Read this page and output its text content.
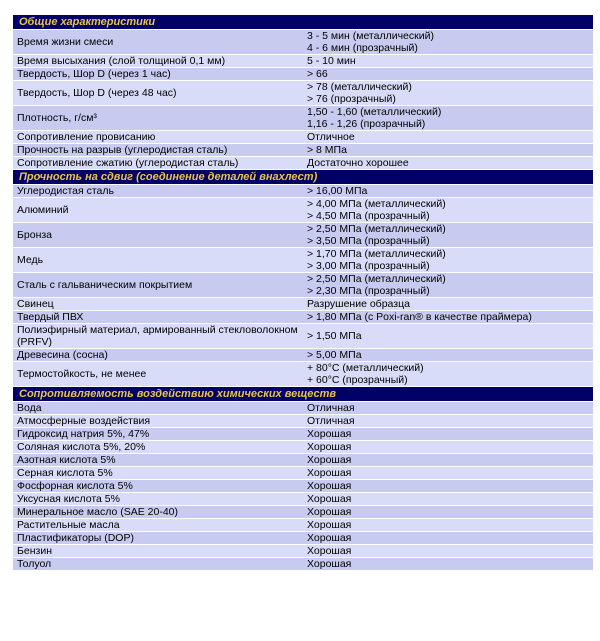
Общие характеристики	
Время жизни смеси	3 - 5 мин (металлический)
4 - 6 мин (прозрачный)

Время высыхания (слой толщиной 0,1 мм)	5 - 10 мин

Твердость, Шор D (через 1 час)	> 66

Твердость, Шор D (через 48 час)	> 78 (металлический)
> 76 (прозрачный)

Плотность, г/см³	1,50 - 1,60 (металлический)
1,16 - 1,26 (прозрачный)

Сопротивление провисанию	Отличное

Прочность на разрыв (углеродистая сталь)	> 8 МПа

Сопротивление сжатию (углеродистая сталь)	Достаточно хорошее

Прочность на сдвиг (соединение деталей внахлест)	
Углеродистая сталь	> 16,00 МПа

Алюминий	> 4,00 МПа (металлический)
> 4,50 МПа (прозрачный)

Бронза	> 2,50 МПа (металлический)
> 3,50 МПа (прозрачный)

Медь	> 1,70 МПа (металлический)
> 3,00 МПа (прозрачный)

Сталь с гальваническим покрытием	> 2,50 МПа (металлический)
> 2,30 МПа (прозрачный)

Свинец	Разрушение образца

Твердый ПВХ	> 1,80 МПа (с Poxi-ran® в качестве праймера)

Полиэфирный материал, армированный стекловолокном (PRFV)	> 1,50 МПа

Древесина (сосна)	> 5,00 МПа

Термостойкость, не менее	+ 80°C (металлический)
+ 60°C (прозрачный)

Сопротивляемость воздействию химических веществ	
Вода	Отличная

Атмосферные воздействия	Отличная

Гидроксид натрия 5%, 47%	Хорошая

Соляная кислота 5%, 20%	Хорошая

Азотная кислота 5%	Хорошая

Серная кислота 5%	Хорошая

Фосфорная кислота 5%	Хорошая

Уксусная кислота 5%	Хорошая

Минеральное масло (SAE 20-40)	Хорошая

Растительные масла	Хорошая

Пластификаторы (DOP)	Хорошая

Бензин	Хорошая

Толуол	Хорошая
